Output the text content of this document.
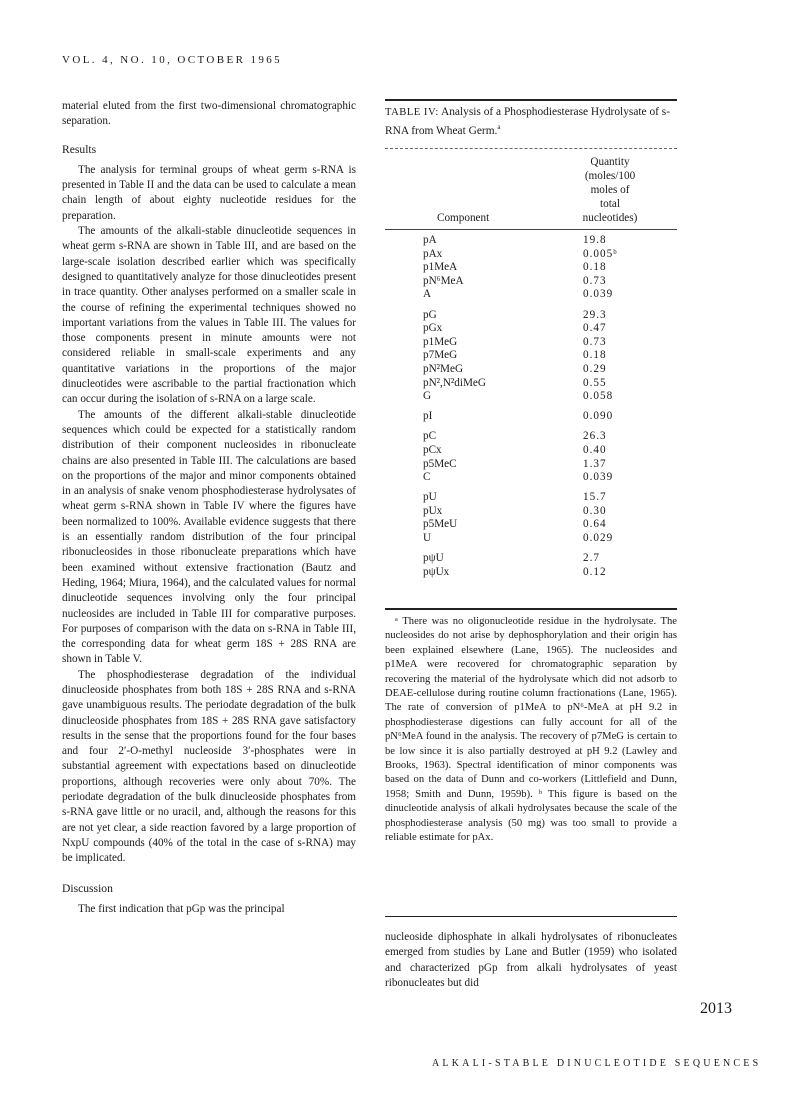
VOL. 4, NO. 10, OCTOBER 1965

material eluted from the first two-dimensional chromatographic separation.

Results

The analysis for terminal groups of wheat germ s-RNA is presented in Table II and the data can be used to calculate a mean chain length of about eighty nucleotide residues for the preparation.

The amounts of the alkali-stable dinucleotide sequences in wheat germ s-RNA are shown in Table III, and are based on the large-scale isolation described earlier which was specifically designed to quantitatively analyze for those dinucleotides present in trace quantity. Other analyses performed on a smaller scale in the course of refining the experimental techniques showed no important variations from the values in Table III. The values for those components present in minute amounts were not considered reliable in small-scale experiments and any quantitative variations in the proportions of the major dinucleotides were ascribable to the partial fractionation which can occur during the isolation of s-RNA on a large scale.

The amounts of the different alkali-stable dinucleotide sequences which could be expected for a statistically random distribution of their component nucleosides in ribonucleate chains are also presented in Table III. The calculations are based on the proportions of the major and minor components obtained in an analysis of snake venom phosphodiesterase hydrolysates of wheat germ s-RNA shown in Table IV where the figures have been normalized to 100%. Available evidence suggests that there is an essentially random distribution of the four principal ribonucleosides in those ribonucleate preparations which have been examined without extensive fractionation (Bautz and Heding, 1964; Miura, 1964), and the calculated values for normal dinucleotide sequences involving only the four principal nucleosides are included in Table III for comparative purposes. For purposes of comparison with the data on s-RNA in Table III, the corresponding data for wheat germ 18S + 28S RNA are shown in Table V.

The phosphodiesterase degradation of the individual dinucleoside phosphates from both 18S + 28S RNA and s-RNA gave unambiguous results. The periodate degradation of the bulk dinucleoside phosphates from 18S + 28S RNA gave satisfactory results in the sense that the proportions found for the four bases and four 2′-O-methyl nucleoside 3′-phosphates were in substantial agreement with expectations based on dinucleotide proportions, although recoveries were only about 70%. The periodate degradation of the bulk dinucleoside phosphates from s-RNA gave little or no uracil, and, although the reasons for this are not yet clear, a side reaction favored by a large proportion of NxpU compounds (40% of the total in the case of s-RNA) may be implicated.

Discussion

The first indication that pGp was the principal

TABLE IV: Analysis of a Phosphodiesterase Hydrolysate of s-RNA from Wheat Germ.$^a$
Component
Quantity
(moles/100
moles of
total
nucleotides)
pA	19.8
pAx	0.005ᵇ
p1MeA	0.18
pN⁶MeA	0.73
A	0.039
pG	29.3
pGx	0.47
p1MeG	0.73
p7MeG	0.18
pN²MeG	0.29
pN²,N²diMeG	0.55
G	0.058
pI	0.090
pC	26.3
pCx	0.40
p5MeC	1.37
C	0.039
pU	15.7
pUx	0.30
p5MeU	0.64
U	0.029
pψU	2.7
pψUx	0.12

ᵃ There was no oligonucleotide residue in the hydrolysate. The nucleosides do not arise by dephosphorylation and their origin has been explained elsewhere (Lane, 1965). The nucleosides and p1MeA were recovered for chromatographic separation by recovering the material of the hydrolysate which did not adsorb to DEAE-cellulose during routine column fractionations (Lane, 1965). The rate of conversion of p1MeA to pN⁶-MeA at pH 9.2 in phosphodiesterase digestions can fully account for all of the pN⁶MeA found in the analysis. The recovery of p7MeG is certain to be low since it is also partially destroyed at pH 9.2 (Lawley and Brooks, 1963). Spectral identification of minor components was based on the data of Dunn and co-workers (Littlefield and Dunn, 1958; Smith and Dunn, 1959b). ᵇ This figure is based on the dinucleotide analysis of alkali hydrolysates because the scale of the phosphodiesterase analysis (50 mg) was too small to provide a reliable estimate for pAx.

nucleoside diphosphate in alkali hydrolysates of ribonucleates emerged from studies by Lane and Butler (1959) who isolated and characterized pGp from alkali hydrolysates of yeast ribonucleates but did

2013
ALKALI-STABLE DINUCLEOTIDE SEQUENCES
